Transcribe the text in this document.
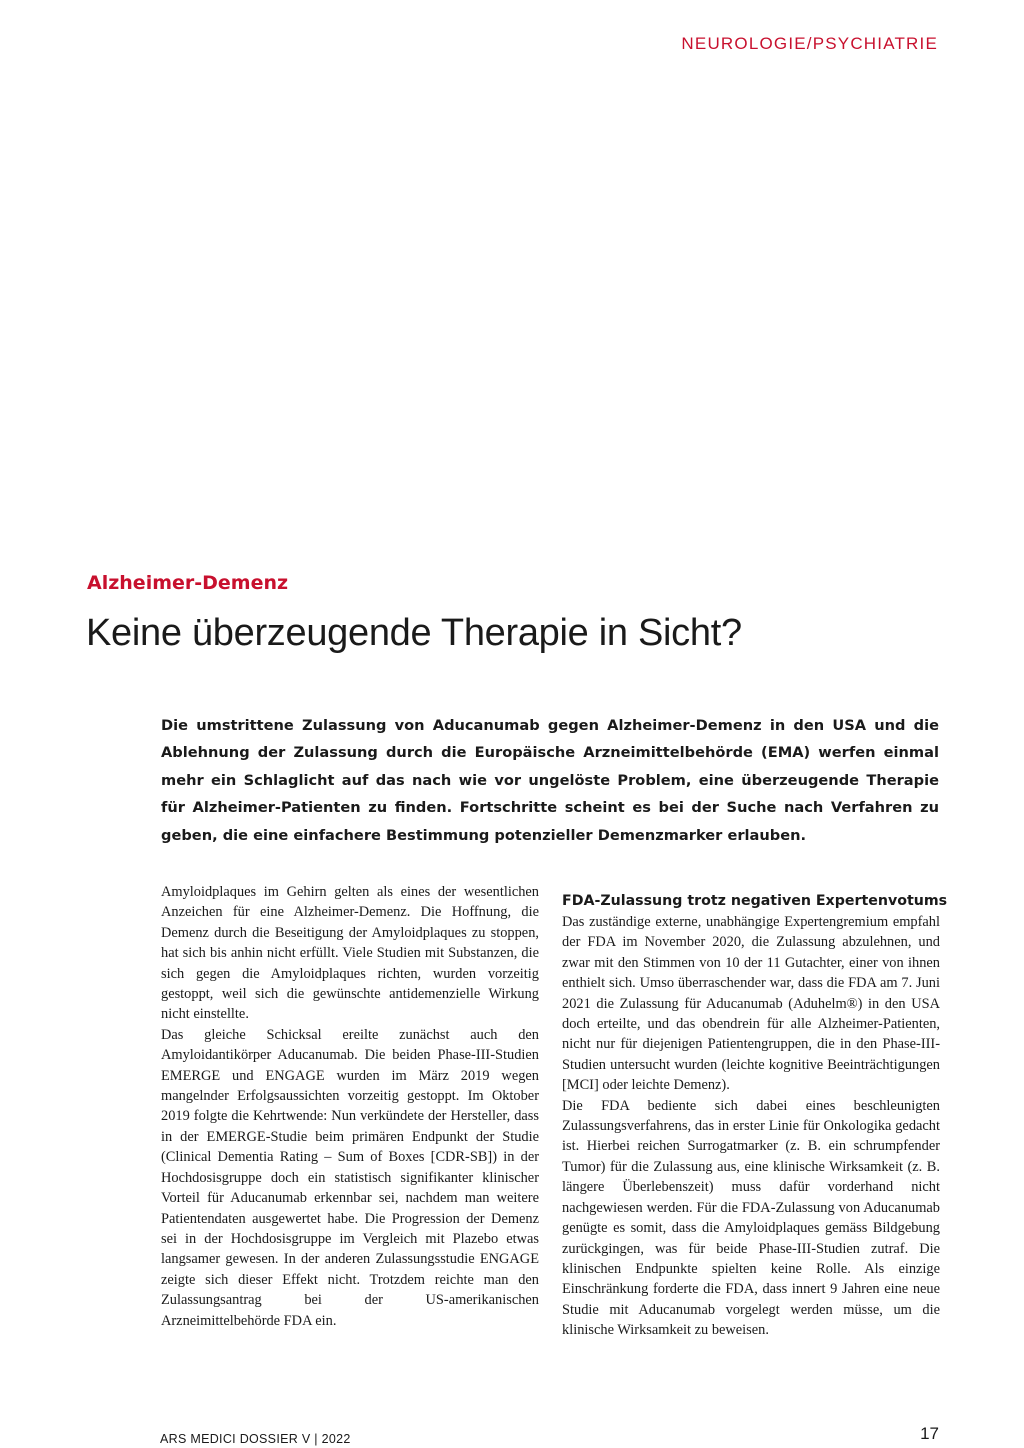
NEUROLOGIE/PSYCHIATRIE
Alzheimer-Demenz
Keine überzeugende Therapie in Sicht?

Die umstrittene Zulassung von Aducanumab gegen Alzheimer-Demenz in den USA und die Ablehnung der Zulassung durch die Europäische Arzneimittelbehörde (EMA) werfen einmal mehr ein Schlaglicht auf das nach wie vor ungelöste Problem, eine überzeugende Therapie für Alzheimer-Patienten zu finden. Fortschritte scheint es bei der Suche nach Verfahren zu geben, die eine einfachere Bestimmung potenzieller Demenzmarker erlauben.

Amyloidplaques im Gehirn gelten als eines der wesentlichen Anzeichen für eine Alzheimer-Demenz. Die Hoffnung, die Demenz durch die Beseitigung der Amyloidplaques zu stoppen, hat sich bis anhin nicht erfüllt. Viele Studien mit Substanzen, die sich gegen die Amyloidplaques richten, wurden vorzeitig gestoppt, weil sich die gewünschte antidemenzielle Wirkung nicht einstellte.

Das gleiche Schicksal ereilte zunächst auch den Amyloidantikörper Aducanumab. Die beiden Phase-III-Studien EMERGE und ENGAGE wurden im März 2019 wegen mangelnder Erfolgsaussichten vorzeitig gestoppt. Im Oktober 2019 folgte die Kehrtwende: Nun verkündete der Hersteller, dass in der EMERGE-Studie beim primären Endpunkt der Studie (Clinical Dementia Rating – Sum of Boxes [CDR-SB]) in der Hochdosisgruppe doch ein statistisch signifikanter klinischer Vorteil für Aducanumab erkennbar sei, nachdem man weitere Patientendaten ausgewertet habe. Die Progression der Demenz sei in der Hochdosisgruppe im Vergleich mit Plazebo etwas langsamer gewesen. In der anderen Zulassungsstudie ENGAGE zeigte sich dieser Effekt nicht. Trotzdem reichte man den Zulassungsantrag bei der US-amerikanischen Arzneimittelbehörde FDA ein.

FDA-Zulassung trotz negativen Expertenvotums

Das zuständige externe, unabhängige Expertengremium empfahl der FDA im November 2020, die Zulassung abzulehnen, und zwar mit den Stimmen von 10 der 11 Gutachter, einer von ihnen enthielt sich. Umso überraschender war, dass die FDA am 7. Juni 2021 die Zulassung für Aducanumab (Aduhelm®) in den USA doch erteilte, und das obendrein für alle Alzheimer-Patienten, nicht nur für diejenigen Patientengruppen, die in den Phase-III-Studien untersucht wurden (leichte kognitive Beeinträchtigungen [MCI] oder leichte Demenz).

Die FDA bediente sich dabei eines beschleunigten Zulassungsverfahrens, das in erster Linie für Onkologika gedacht ist. Hierbei reichen Surrogatmarker (z. B. ein schrumpfender Tumor) für die Zulassung aus, eine klinische Wirksamkeit (z. B. längere Überlebenszeit) muss dafür vorderhand nicht nachgewiesen werden. Für die FDA-Zulassung von Aducanumab genügte es somit, dass die Amyloidplaques gemäss Bildgebung zurückgingen, was für beide Phase-III-Studien zutraf. Die klinischen Endpunkte spielten keine Rolle. Als einzige Einschränkung forderte die FDA, dass innert 9 Jahren eine neue Studie mit Aducanumab vorgelegt werden müsse, um die klinische Wirksamkeit zu beweisen.

ARS MEDICI DOSSIER V | 2022	17
